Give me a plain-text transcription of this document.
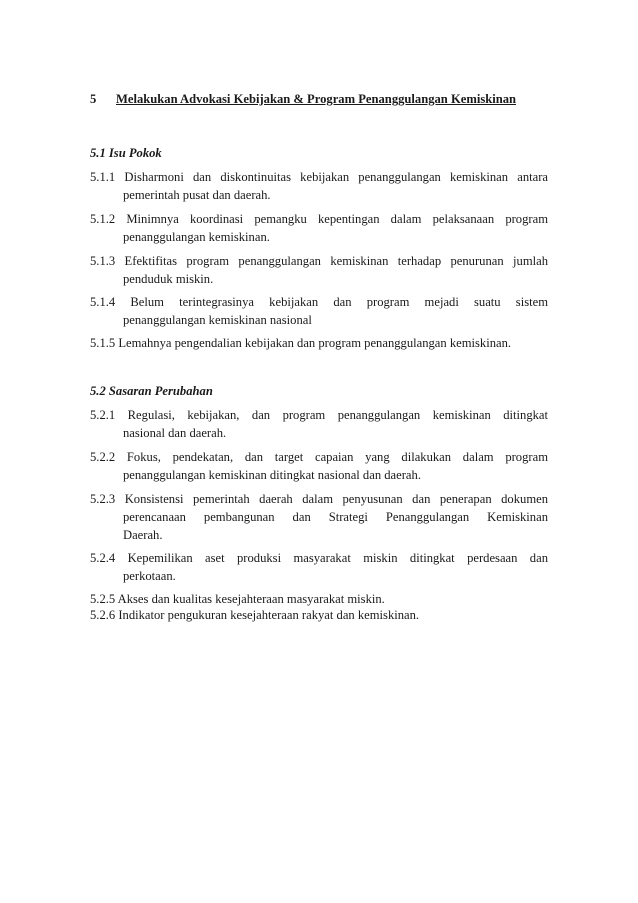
5 Melakukan Advokasi Kebijakan & Program Penanggulangan Kemiskinan
5.1 Isu Pokok
5.1.1 Disharmoni dan diskontinuitas kebijakan penanggulangan kemiskinan antara
pemerintah pusat dan daerah.
5.1.2 Minimnya koordinasi pemangku kepentingan dalam pelaksanaan program
penanggulangan kemiskinan.
5.1.3 Efektifitas program penanggulangan kemiskinan terhadap penurunan jumlah
penduduk miskin.
5.1.4 Belum terintegrasinya kebijakan dan program mejadi suatu sistem
penanggulangan kemiskinan nasional
5.1.5 Lemahnya pengendalian kebijakan dan program penanggulangan kemiskinan.
5.2 Sasaran Perubahan
5.2.1 Regulasi, kebijakan, dan program penanggulangan kemiskinan ditingkat
nasional dan daerah.
5.2.2 Fokus, pendekatan, dan target capaian yang dilakukan dalam program
penanggulangan kemiskinan ditingkat nasional dan daerah.
5.2.3 Konsistensi pemerintah daerah dalam penyusunan dan penerapan dokumen
perencanaan pembangunan dan Strategi Penanggulangan Kemiskinan
Daerah.
5.2.4 Kepemilikan aset produksi masyarakat miskin ditingkat perdesaan dan
perkotaan.
5.2.5 Akses dan kualitas kesejahteraan masyarakat miskin.
5.2.6 Indikator pengukuran kesejahteraan rakyat dan kemiskinan.
